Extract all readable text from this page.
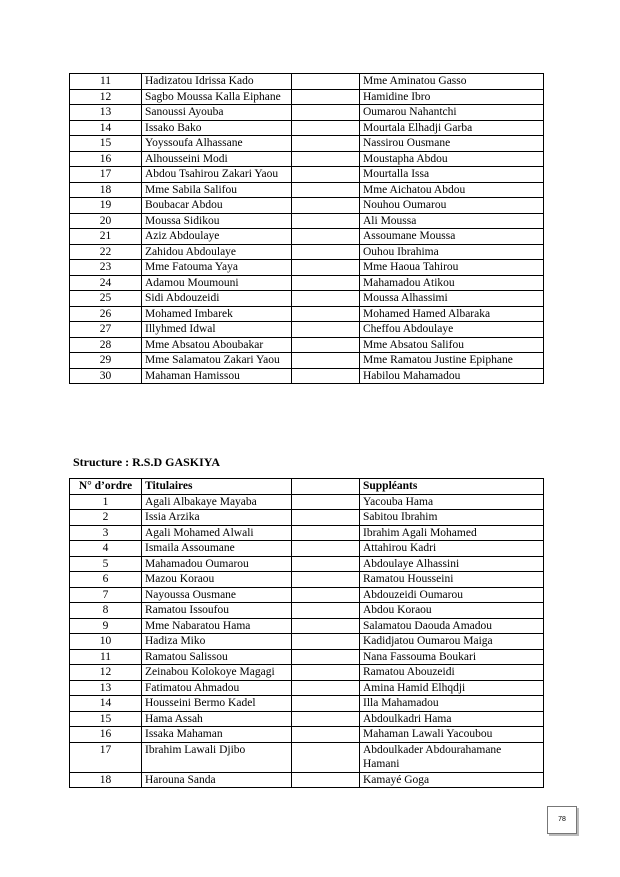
11	Hadizatou Idrissa Kado		Mme Aminatou Gasso
12	Sagbo Moussa Kalla Eiphane		Hamidine Ibro
13	Sanoussi Ayouba		Oumarou Nahantchi
14	Issako Bako		Mourtala Elhadji Garba
15	Yoyssoufa Alhassane		Nassirou Ousmane
16	Alhousseini Modi		Moustapha Abdou
17	Abdou Tsahirou Zakari Yaou		Mourtalla Issa
18	Mme Sabila Salifou		Mme Aichatou Abdou
19	Boubacar Abdou		Nouhou Oumarou
20	Moussa Sidikou		Ali Moussa
21	Aziz Abdoulaye		Assoumane Moussa
22	Zahidou Abdoulaye		Ouhou Ibrahima
23	Mme Fatouma Yaya		Mme Haoua Tahirou
24	Adamou Moumouni		Mahamadou Atikou
25	Sidi Abdouzeidi		Moussa Alhassimi
26	Mohamed Imbarek		Mohamed Hamed Albaraka
27	Illyhmed Idwal		Cheffou Abdoulaye
28	Mme Absatou Aboubakar		Mme Absatou Salifou
29	Mme Salamatou Zakari Yaou		Mme Ramatou Justine Epiphane
30	Mahaman Hamissou		Habilou Mahamadou
Structure : R.S.D GASKIYA
N° d’ordre	Titulaires		Suppléants
1	Agali Albakaye Mayaba		Yacouba Hama
2	Issia Arzika		Sabitou Ibrahim
3	Agali Mohamed Alwali		Ibrahim Agali Mohamed
4	Ismaila Assoumane		Attahirou Kadri
5	Mahamadou Oumarou		Abdoulaye Alhassini
6	Mazou Koraou		Ramatou Housseini
7	Nayoussa Ousmane		Abdouzeidi Oumarou
8	Ramatou Issoufou		Abdou Koraou
9	Mme Nabaratou Hama		Salamatou Daouda Amadou
10	Hadiza Miko		Kadidjatou Oumarou Maiga
11	Ramatou Salissou		Nana Fassouma Boukari
12	Zeinabou Kolokoye Magagi		Ramatou Abouzeidi
13	Fatimatou Ahmadou		Amina Hamid Elhqdji
14	Housseini Bermo Kadel		Illa Mahamadou
15	Hama Assah		Abdoulkadri Hama
16	Issaka Mahaman		Mahaman Lawali Yacoubou
17	Ibrahim Lawali Djibo		Abdoulkader Abdourahamane Hamani
18	Harouna Sanda		Kamayé Goga
78
